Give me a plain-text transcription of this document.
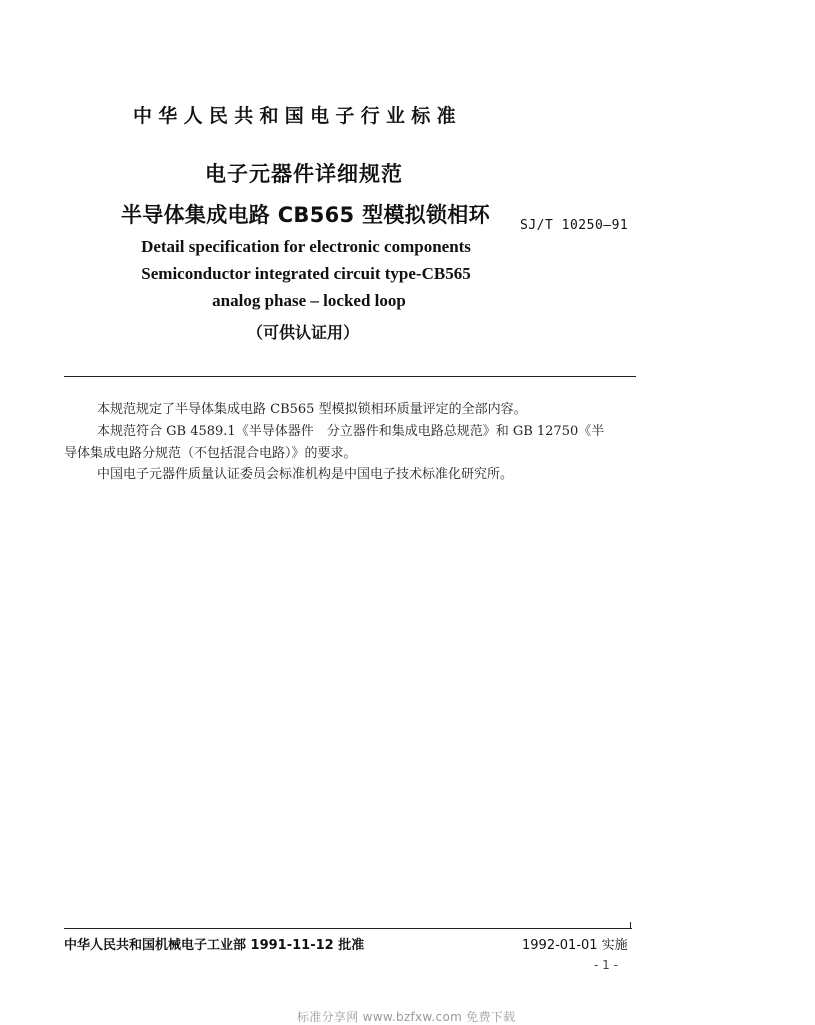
中华人民共和国电子行业标准
电子元器件详细规范
半导体集成电路 CB565 型模拟锁相环 SJ/T 10250—91
Detail specification for electronic components
Semiconductor integrated circuit type-CB565
analog phase – locked loop
（可供认证用）
本规范规定了半导体集成电路 CB565 型模拟锁相环质量评定的全部内容。
本规范符合 GB 4589.1《半导体器件　分立器件和集成电路总规范》和 GB 12750《半
导体集成电路分规范（不包括混合电路）》的要求。
中国电子元器件质量认证委员会标准机构是中国电子技术标准化研究所。
中华人民共和国机械电子工业部 1991-11-12 批准	1992-01-01 实施
- 1 -
标准分享网 www.bzfxw.com 免费下载
